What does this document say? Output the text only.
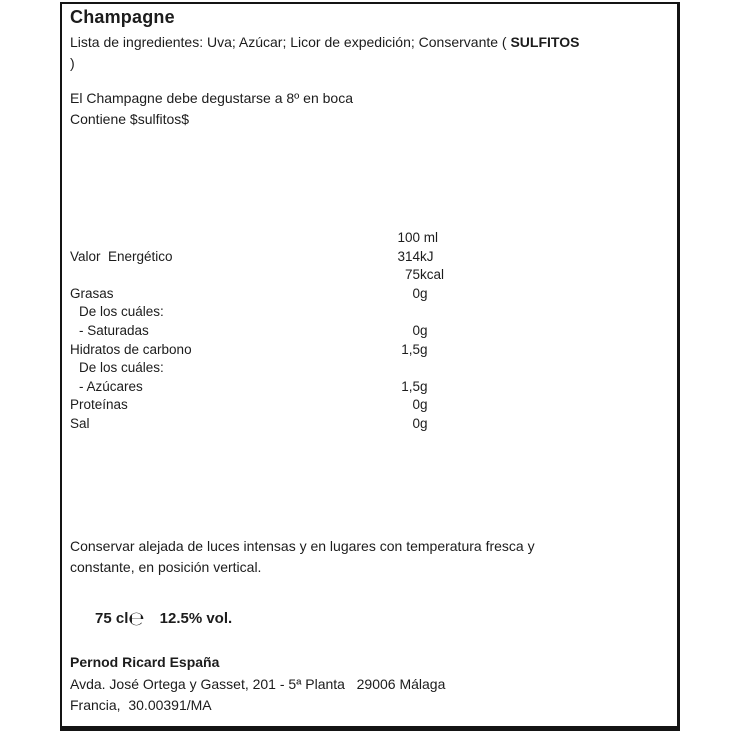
Champagne
Lista de ingredientes: Uva; Azúcar; Licor de expedición; Conservante ( SULFITOS
)
El Champagne debe degustarse a 8º en boca
Contiene $sulfitos$
100 ml
Valor  Energético	314 kJ
75 kcal
Grasas	0 g
De los cuáles:
- Saturadas	0 g
Hidratos de carbono	1,5 g
De los cuáles:
- Azúcares	1,5 g
Proteínas	0 g
Sal	0 g
Conservar alejada de luces intensas y en lugares con temperatura fresca y
constante, en posición vertical.

75 cl℮ 12.5% vol.

Pernod Ricard España
Avda. José Ortega y Gasset, 201 - 5ª Planta   29006 Málaga
Francia,  30.00391/MA
